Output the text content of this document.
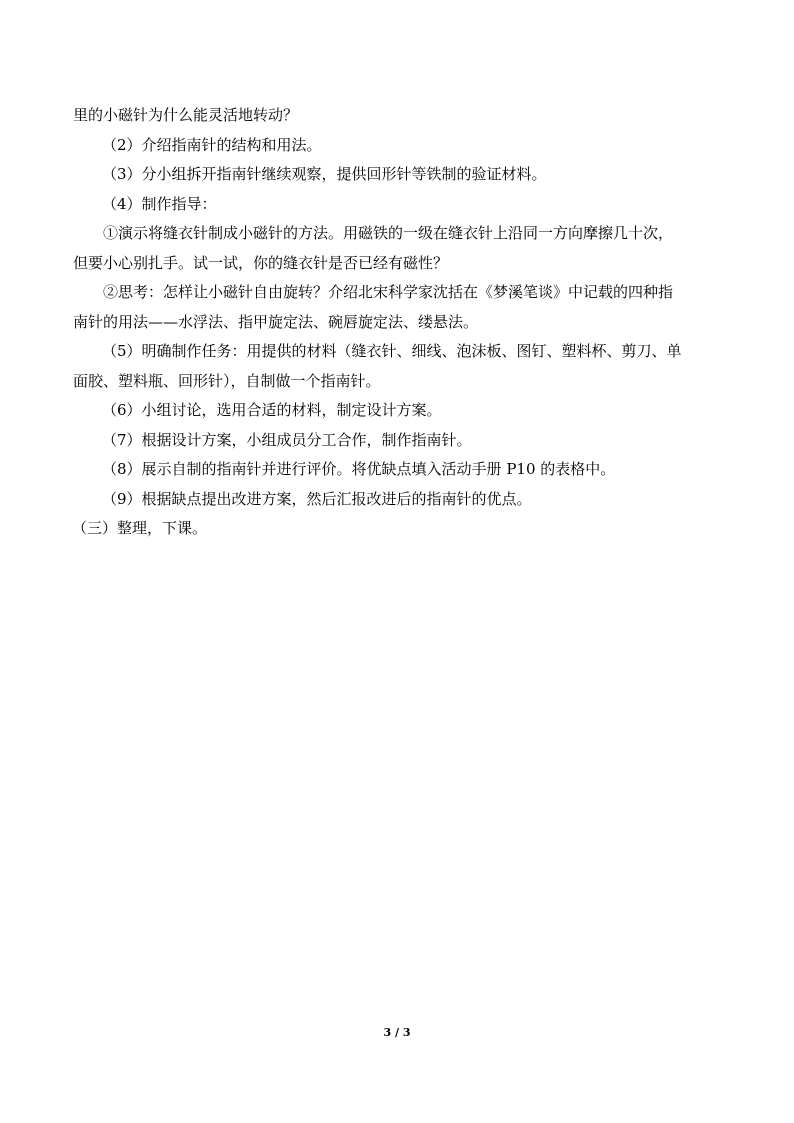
里的小磁针为什么能灵活地转动？
（2）介绍指南针的结构和用法。
（3）分小组拆开指南针继续观察，提供回形针等铁制的验证材料。
（4）制作指导：
①演示将缝衣针制成小磁针的方法。用磁铁的一级在缝衣针上沿同一方向摩擦几十次，
但要小心别扎手。试一试，你的缝衣针是否已经有磁性？
②思考：怎样让小磁针自由旋转？介绍北宋科学家沈括在《梦溪笔谈》中记载的四种指
南针的用法——水浮法、指甲旋定法、碗唇旋定法、缕悬法。
（5）明确制作任务：用提供的材料（缝衣针、细线、泡沫板、图钉、塑料杯、剪刀、单
面胶、塑料瓶、回形针），自制做一个指南针。
（6）小组讨论，选用合适的材料，制定设计方案。
（7）根据设计方案，小组成员分工合作，制作指南针。
（8）展示自制的指南针并进行评价。将优缺点填入活动手册 P10 的表格中。
（9）根据缺点提出改进方案，然后汇报改进后的指南针的优点。
（三）整理，下课。
3 / 3
